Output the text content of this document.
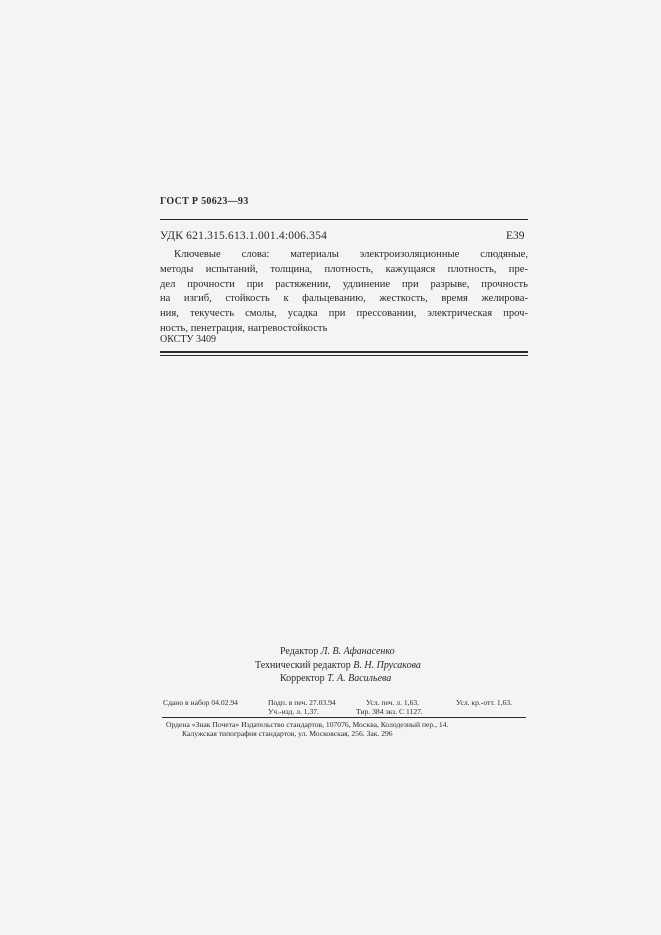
ГОСТ Р 50623—93
УДК 621.315.613.1.001.4:006.354	Е39
Ключевые слова: материалы электроизоляционные слюдяные,
методы испытаний, толщина, плотность, кажущаяся плотность, пре-
дел прочности при растяжении, удлинение при разрыве, прочность
на изгиб, стойкость к фальцеванию, жесткость, время желирова-
ния, текучесть смолы, усадка при прессовании, электрическая проч-
ность, пенетрация, нагревостойкость
ОКСТУ 3409
Редактор Л. В. Афанасенко
Технический редактор В. Н. Прусакова
Корректор Т. А. Васильева
Сдано в набор 04.02.94	Подп. в печ. 27.03.94	Усл. печ. л. 1,63.	Усл. кр.-отт. 1,63.
Уч.-изд. л. 1,37.	Тир. 384 экз. С 1127.
Ордена «Знак Почета» Издательство стандартов, 107076, Москва, Колодезный пер., 14.
Калужская типография стандартов, ул. Московская, 256. Зак. 296
